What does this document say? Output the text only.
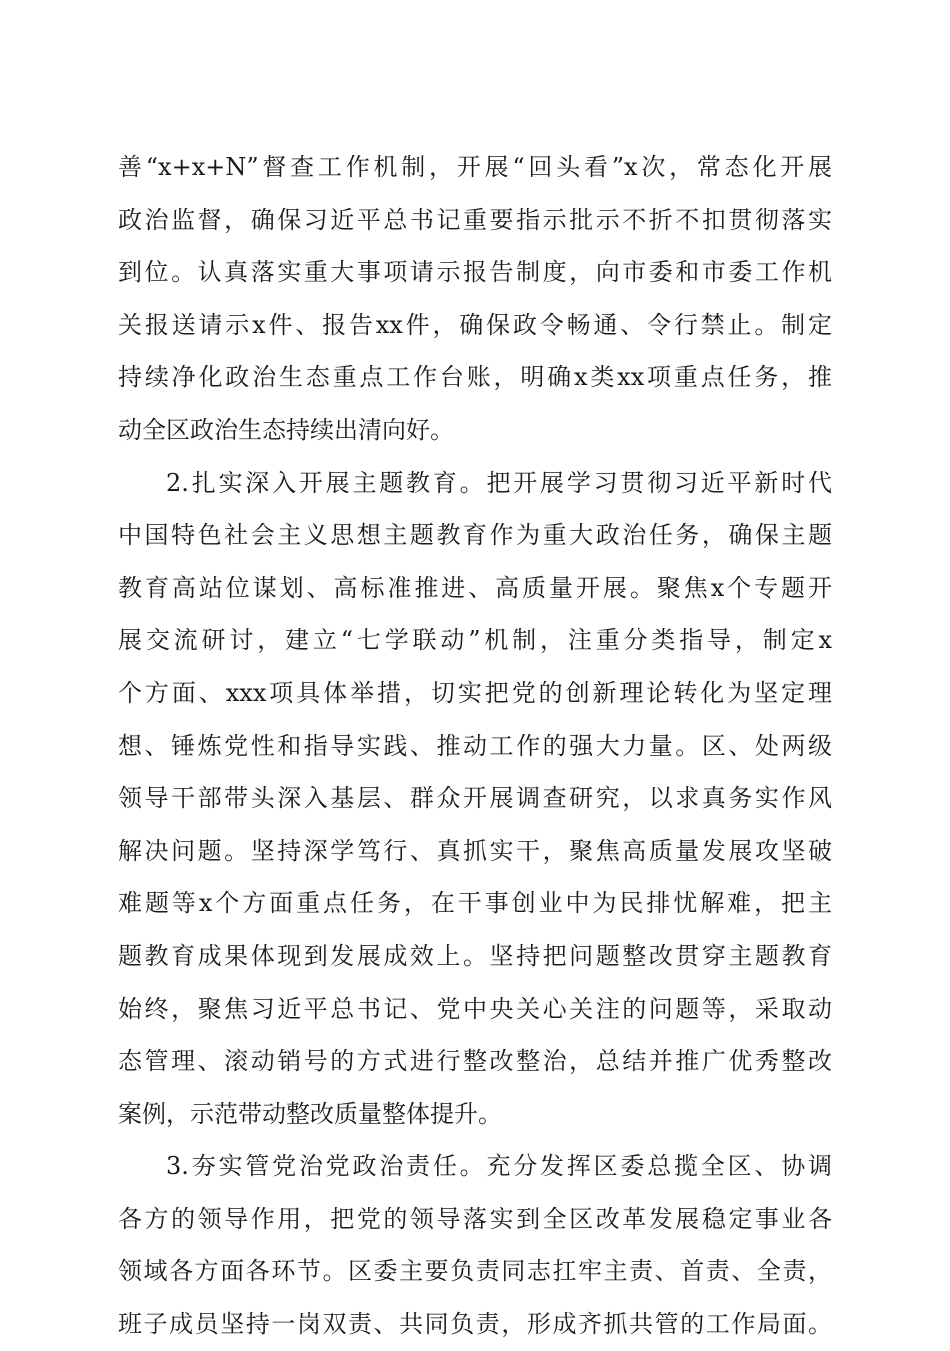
善“x+x+N”督查工作机制，开展“回头看”x次，常态化开展
政治监督，确保习近平总书记重要指示批示不折不扣贯彻落实
到位。认真落实重大事项请示报告制度，向市委和市委工作机
关报送请示x件、报告xx件，确保政令畅通、令行禁止。制定
持续净化政治生态重点工作台账，明确x类xx项重点任务，推
动全区政治生态持续出清向好。
2.扎实深入开展主题教育。把开展学习贯彻习近平新时代
中国特色社会主义思想主题教育作为重大政治任务，确保主题
教育高站位谋划、高标准推进、高质量开展。聚焦x个专题开
展交流研讨，建立“七学联动”机制，注重分类指导，制定x
个方面、xxx项具体举措，切实把党的创新理论转化为坚定理
想、锤炼党性和指导实践、推动工作的强大力量。区、处两级
领导干部带头深入基层、群众开展调查研究，以求真务实作风
解决问题。坚持深学笃行、真抓实干，聚焦高质量发展攻坚破
难题等x个方面重点任务，在干事创业中为民排忧解难，把主
题教育成果体现到发展成效上。坚持把问题整改贯穿主题教育
始终，聚焦习近平总书记、党中央关心关注的问题等，采取动
态管理、滚动销号的方式进行整改整治，总结并推广优秀整改
案例，示范带动整改质量整体提升。
3.夯实管党治党政治责任。充分发挥区委总揽全区、协调
各方的领导作用，把党的领导落实到全区改革发展稳定事业各
领域各方面各环节。区委主要负责同志扛牢主责、首责、全责，
班子成员坚持一岗双责、共同负责，形成齐抓共管的工作局面。
